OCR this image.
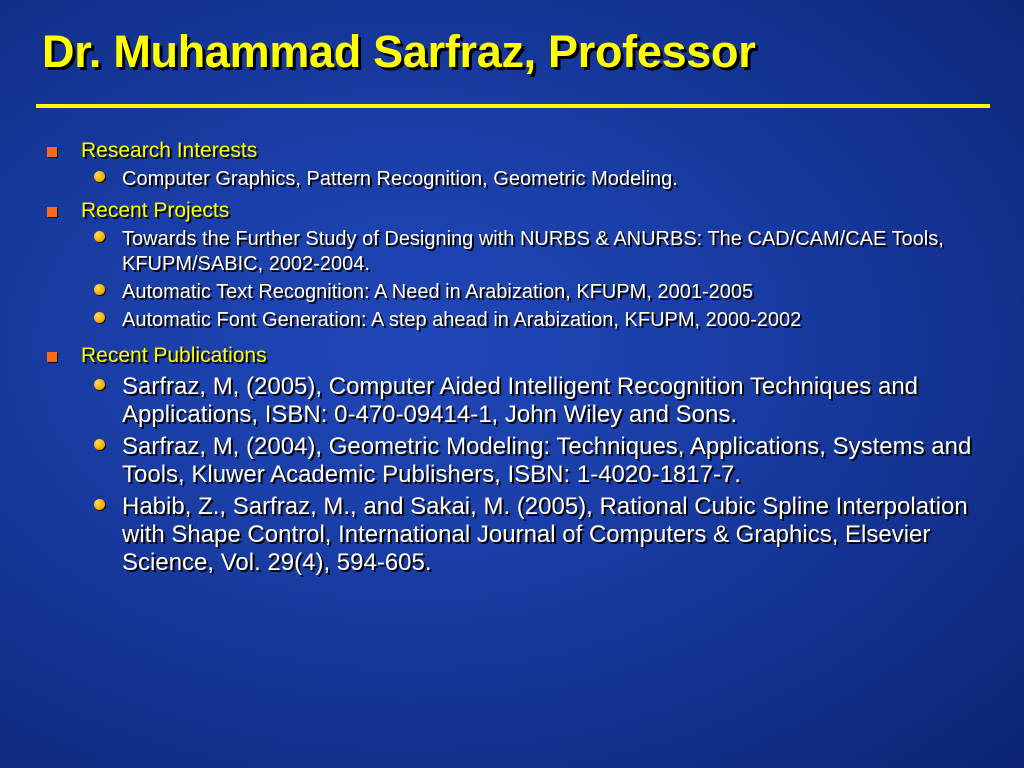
Dr. Muhammad Sarfraz, Professor
Research Interests
Computer Graphics, Pattern Recognition, Geometric Modeling.
Recent Projects
Towards the Further Study of Designing with NURBS & ANURBS: The CAD/CAM/CAE Tools, KFUPM/SABIC, 2002-2004.
Automatic Text Recognition: A Need in Arabization, KFUPM, 2001-2005
Automatic Font Generation: A step ahead in Arabization, KFUPM, 2000-2002
Recent Publications
Sarfraz, M, (2005), Computer Aided Intelligent Recognition Techniques and Applications, ISBN: 0-470-09414-1, John Wiley and Sons.
Sarfraz, M, (2004), Geometric Modeling: Techniques, Applications, Systems and Tools, Kluwer Academic Publishers, ISBN: 1-4020-1817-7.
Habib, Z., Sarfraz, M., and Sakai, M. (2005), Rational Cubic Spline Interpolation with Shape Control, International Journal of Computers & Graphics, Elsevier Science, Vol. 29(4), 594-605.
